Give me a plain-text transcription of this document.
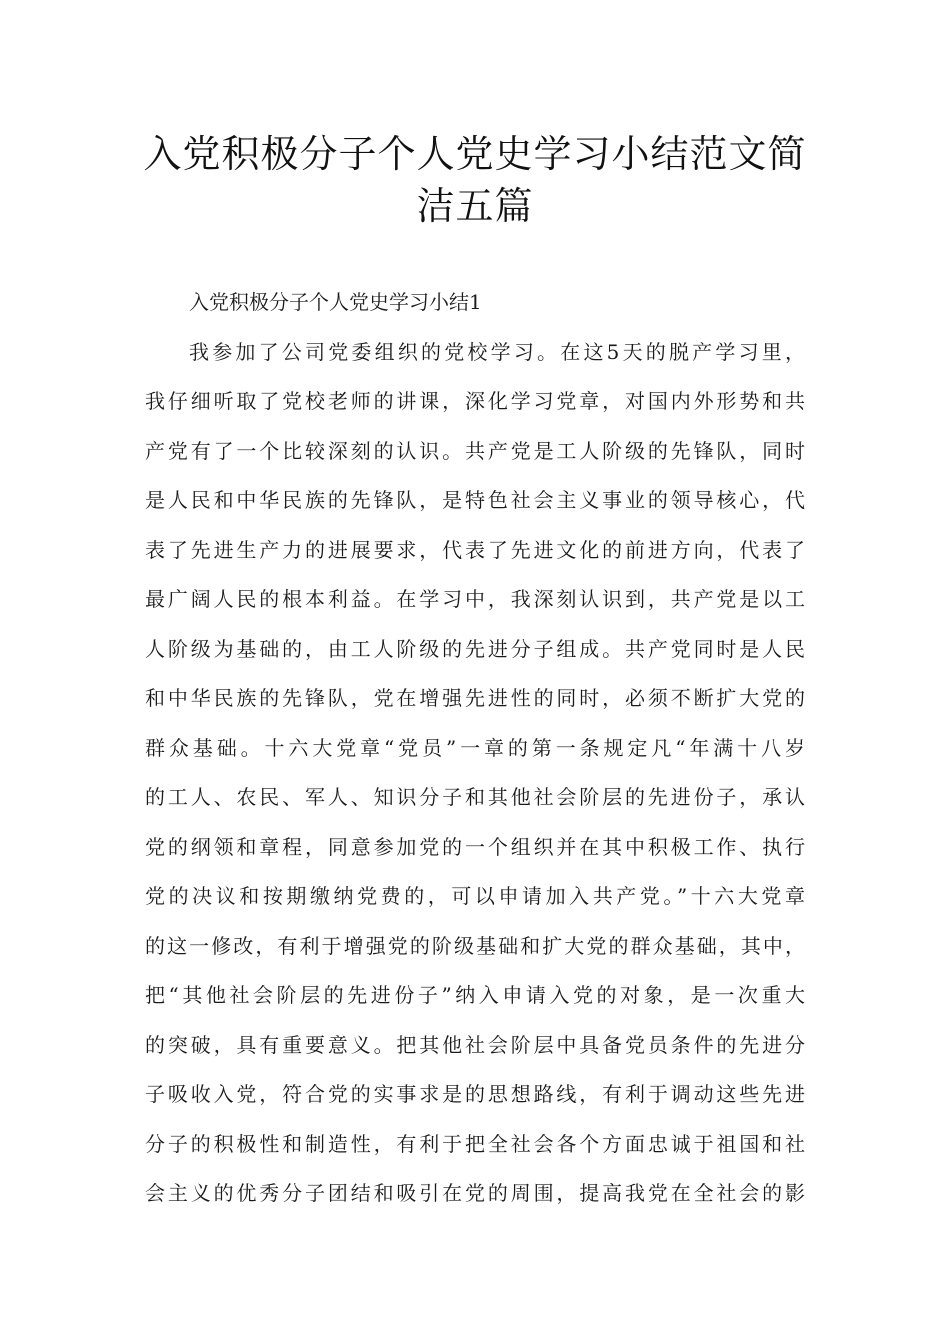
入党积极分子个人党史学习小结范文简
洁五篇
入党积极分子个人党史学习小结1
我参加了公司党委组织的党校学习。在这5天的脱产学习里，
我仔细听取了党校老师的讲课，深化学习党章，对国内外形势和共
产党有了一个比较深刻的认识。共产党是工人阶级的先锋队，同时
是人民和中华民族的先锋队，是特色社会主义事业的领导核心，代
表了先进生产力的进展要求，代表了先进文化的前进方向，代表了
最广阔人民的根本利益。在学习中，我深刻认识到，共产党是以工
人阶级为基础的，由工人阶级的先进分子组成。共产党同时是人民
和中华民族的先锋队，党在增强先进性的同时，必须不断扩大党的
群众基础。十六大党章“党员”一章的第一条规定凡“年满十八岁
的工人、农民、军人、知识分子和其他社会阶层的先进份子，承认
党的纲领和章程，同意参加党的一个组织并在其中积极工作、执行
党的决议和按期缴纳党费的，可以申请加入共产党。”十六大党章
的这一修改，有利于增强党的阶级基础和扩大党的群众基础，其中，
把“其他社会阶层的先进份子”纳入申请入党的对象，是一次重大
的突破，具有重要意义。把其他社会阶层中具备党员条件的先进分
子吸收入党，符合党的实事求是的思想路线，有利于调动这些先进
分子的积极性和制造性，有利于把全社会各个方面忠诚于祖国和社
会主义的优秀分子团结和吸引在党的周围，提高我党在全社会的影
